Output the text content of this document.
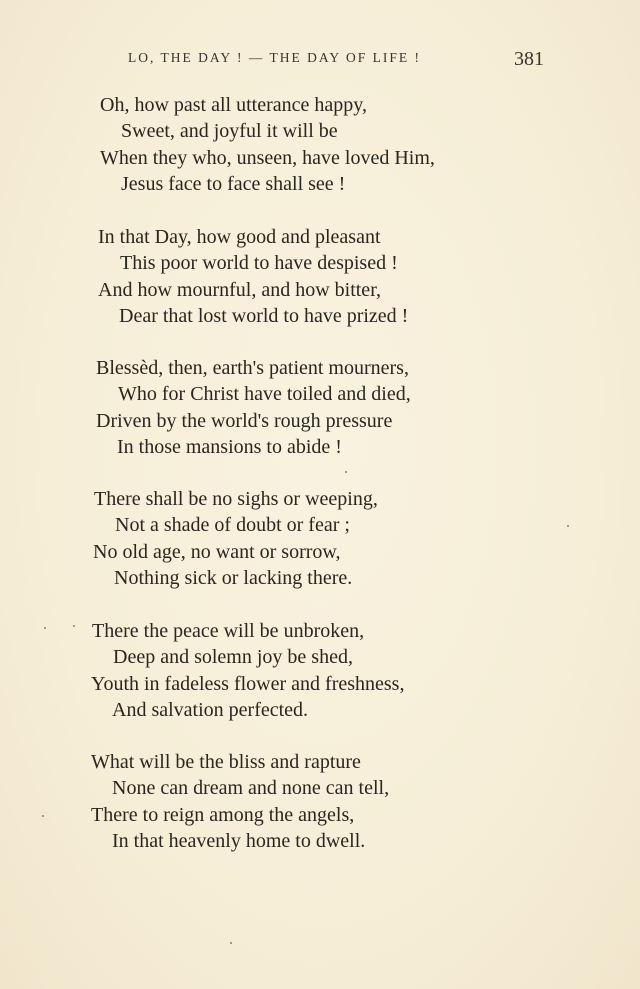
LO, THE DAY ! — THE DAY OF LIFE !	381
Oh, how past all utterance happy,
Sweet, and joyful it will be
When they who, unseen, have loved Him,
Jesus face to face shall see !
In that Day, how good and pleasant
This poor world to have despised !
And how mournful, and how bitter,
Dear that lost world to have prized !
Blessèd, then, earth's patient mourners,
Who for Christ have toiled and died,
Driven by the world's rough pressure
In those mansions to abide !
There shall be no sighs or weeping,
Not a shade of doubt or fear ;
No old age, no want or sorrow,
Nothing sick or lacking there.
There the peace will be unbroken,
Deep and solemn joy be shed,
Youth in fadeless flower and freshness,
And salvation perfected.
What will be the bliss and rapture
None can dream and none can tell,
There to reign among the angels,
In that heavenly home to dwell.
